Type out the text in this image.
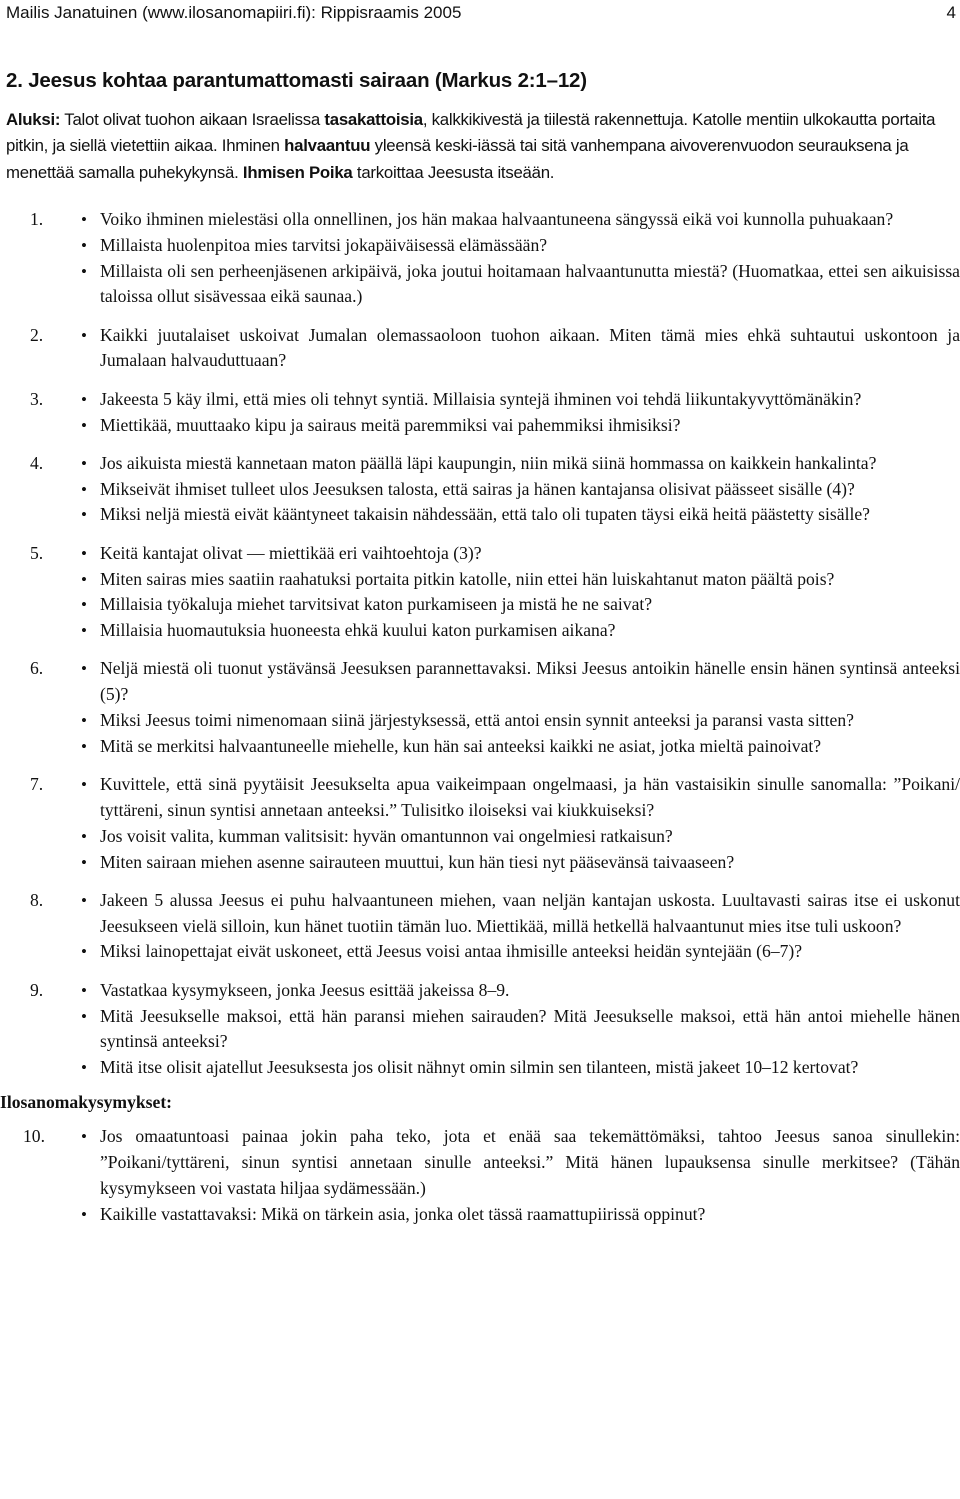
Mailis Janatuinen (www.ilosanomapiiri.fi): Rippisraamis 2005	4
2. Jeesus kohtaa parantumattomasti sairaan (Markus 2:1–12)
Aluksi: Talot olivat tuohon aikaan Israelissa tasakattoisia, kalkkikivestä ja tiilestä rakennettuja. Katolle mentiin ulkokautta portaita pitkin, ja siellä vietettiin aikaa. Ihminen halvaantuu yleensä keski-iässä tai sitä vanhempana aivoverenvuodon seurauksena ja menettää samalla puhekykynsä. Ihmisen Poika tarkoittaa Jeesusta itseään.
1.	• Voiko ihminen mielestäsi olla onnellinen, jos hän makaa halvaantuneena sängyssä eikä voi kunnolla puhuakaan?
• Millaista huolenpitoa mies tarvitsi jokapäiväisessä elämässään?
• Millaista oli sen perheenjäsenen arkipäivä, joka joutui hoitamaan halvaantunutta miestä? (Huomatkaa, ettei sen aikuisissa taloissa ollut sisävessaa eikä saunaa.)
2.	• Kaikki juutalaiset uskoivat Jumalan olemassaoloon tuohon aikaan. Miten tämä mies ehkä suhtautui uskontoon ja Jumalaan halvauduttuaan?
3.	• Jakeesta 5 käy ilmi, että mies oli tehnyt syntiä. Millaisia syntejä ihminen voi tehdä liikuntakyvyttömänäkin?
• Miettikää, muuttaako kipu ja sairaus meitä paremmiksi vai pahemmiksi ihmisiksi?
4.	• Jos aikuista miestä kannetaan maton päällä läpi kaupungin, niin mikä siinä hommassa on kaikkein hankalinta?
• Mikseivät ihmiset tulleet ulos Jeesuksen talosta, että sairas ja hänen kantajansa olisivat päässeet sisälle (4)?
• Miksi neljä miestä eivät kääntyneet takaisin nähdessään, että talo oli tupaten täysi eikä heitä päästetty sisälle?
5.	• Keitä kantajat olivat — miettikää eri vaihtoehtoja (3)?
• Miten sairas mies saatiin raahatuksi portaita pitkin katolle, niin ettei hän luiskahtanut maton päältä pois?
• Millaisia työkaluja miehet tarvitsivat katon purkamiseen ja mistä he ne saivat?
• Millaisia huomautuksia huoneesta ehkä kuului katon purkamisen aikana?
6.	• Neljä miestä oli tuonut ystävänsä Jeesuksen parannettavaksi. Miksi Jeesus antoikin hänelle ensin hänen syntinsä anteeksi (5)?
• Miksi Jeesus toimi nimenomaan siinä järjestyksessä, että antoi ensin synnit anteeksi ja paransi vasta sitten?
• Mitä se merkitsi halvaantuneelle miehelle, kun hän sai anteeksi kaikki ne asiat, jotka mieltä painoivat?
7.	• Kuvittele, että sinä pyytäisit Jeesukselta apua vaikeimpaan ongelmaasi, ja hän vastaisikin sinulle sanomalla: ”Poikani/ tyttäreni, sinun syntisi annetaan anteeksi.” Tulisitko iloiseksi vai kiukkuiseksi?
• Jos voisit valita, kumman valitsisit: hyvän omantunnon vai ongelmiesi ratkaisun?
• Miten sairaan miehen asenne sairauteen muuttui, kun hän tiesi nyt pääsevänsä taivaaseen?
8.	• Jakeen 5 alussa Jeesus ei puhu halvaantuneen miehen, vaan neljän kantajan uskosta. Luultavasti sairas itse ei uskonut Jeesukseen vielä silloin, kun hänet tuotiin tämän luo. Miettikää, millä hetkellä halvaantunut mies itse tuli uskoon?
• Miksi lainopettajat eivät uskoneet, että Jeesus voisi antaa ihmisille anteeksi heidän syntejään (6–7)?
9.	• Vastatkaa kysymykseen, jonka Jeesus esittää jakeissa 8–9.
• Mitä Jeesukselle maksoi, että hän paransi miehen sairauden? Mitä Jeesukselle maksoi, että hän antoi miehelle hänen syntinsä anteeksi?
• Mitä itse olisit ajatellut Jeesuksesta jos olisit nähnyt omin silmin sen tilanteen, mistä jakeet 10–12 kertovat?
Ilosanomakysymykset:
10.	• Jos omaatuntoasi painaa jokin paha teko, jota et enää saa tekemättömäksi, tahtoo Jeesus sanoa sinullekin: ”Poikani/tyttäreni, sinun syntisi annetaan sinulle anteeksi.” Mitä hänen lupauksensa sinulle merkitsee? (Tähän kysymykseen voi vastata hiljaa sydämessään.)
• Kaikille vastattavaksi: Mikä on tärkein asia, jonka olet tässä raamattupiirissä oppinut?
